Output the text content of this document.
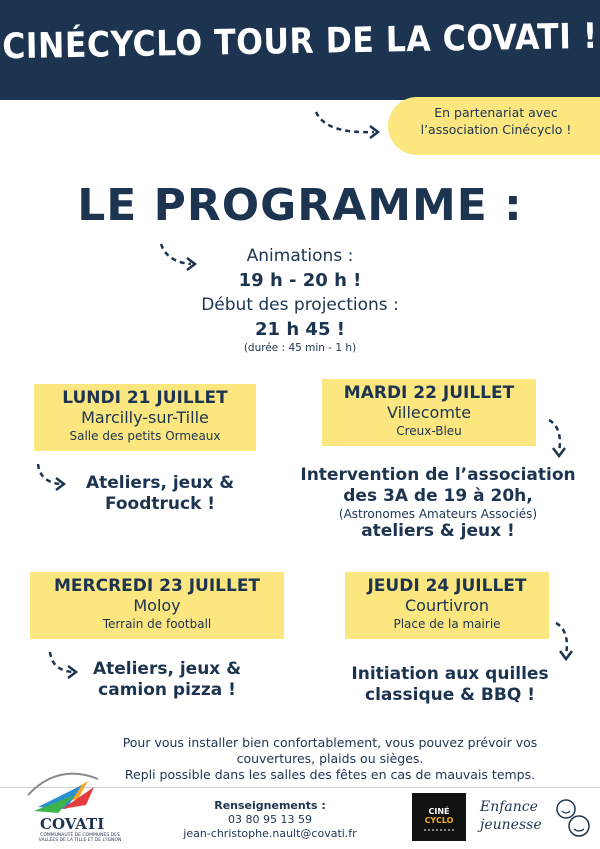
CINÉCYCLO TOUR DE LA COVATI !
En partenariat avec
l’association Cinécyclo !
LE PROGRAMME :
Animations :
19 h - 20 h !
Début des projections :
21 h 45 !
(durée : 45 min - 1 h)
LUNDI 21 JUILLET
Marcilly-sur-Tille
Salle des petits Ormeaux
Ateliers, jeux &
Foodtruck !
MARDI 22 JUILLET
Villecomte
Creux-Bleu
Intervention de l’association
des 3A de 19 à 20h,
(Astronomes Amateurs Associés)
ateliers & jeux !
MERCREDI 23 JUILLET
Moloy
Terrain de football
Ateliers, jeux &
camion pizza !
JEUDI 24 JUILLET
Courtivron
Place de la mairie
Initiation aux quilles
classique & BBQ !
Pour vous installer bien confortablement, vous pouvez prévoir vos
couvertures, plaids ou sièges.
Repli possible dans les salles des fêtes en cas de mauvais temps.
COVATI
COMMUNAUTÉ DE COMMUNES DES VALLÉES DE LA TILLE ET DE L'IGNON
Renseignements :
03 80 95 13 59
jean-christophe.nault@covati.fr
CINÉ
CYCLO
Enfance
jeunesse
